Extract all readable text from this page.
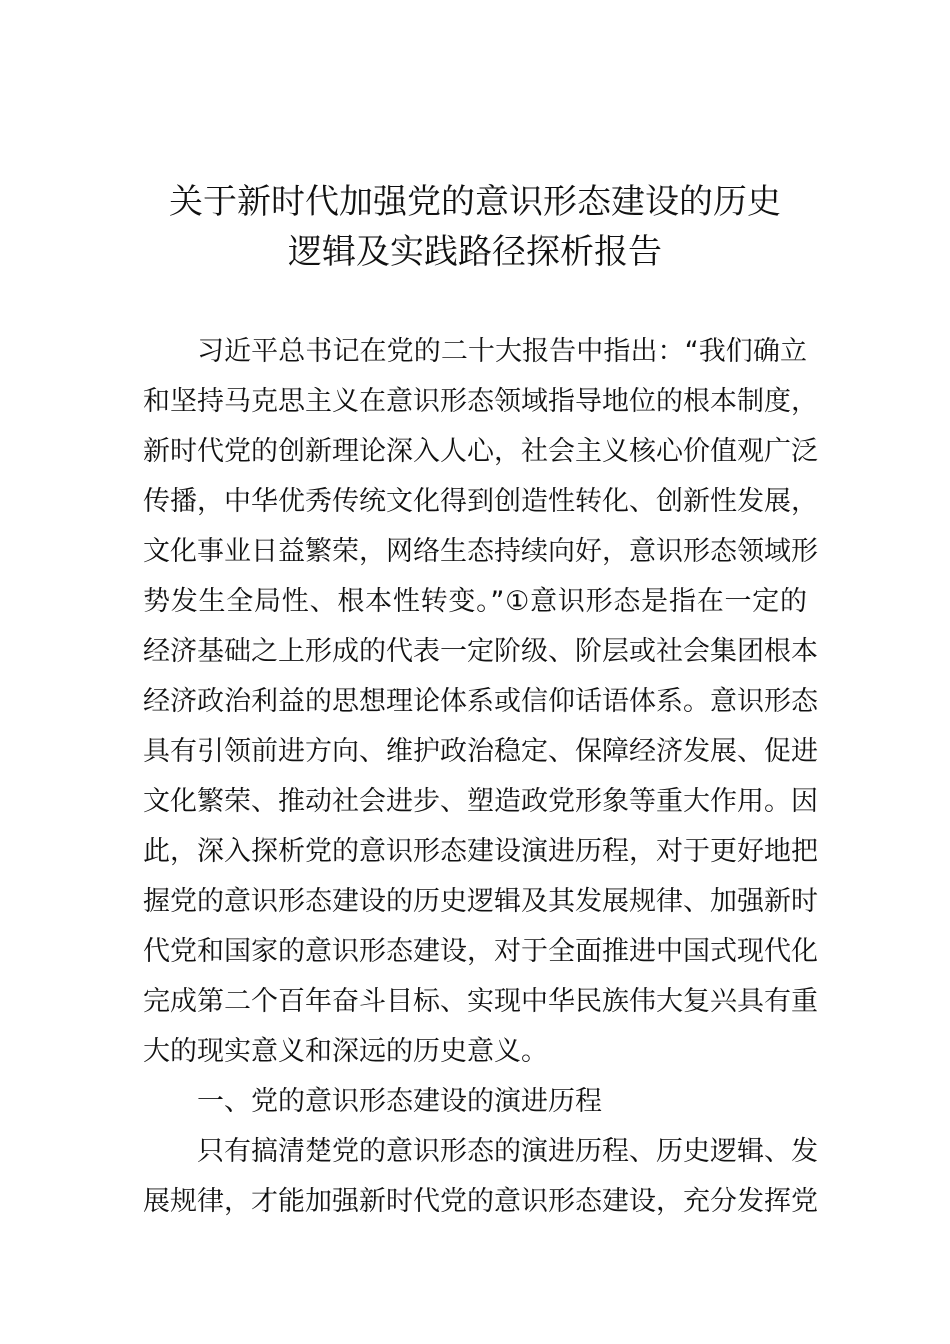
关于新时代加强党的意识形态建设的历史
逻辑及实践路径探析报告
习近平总书记在党的二十大报告中指出：“我们确立
和坚持马克思主义在意识形态领域指导地位的根本制度，
新时代党的创新理论深入人心，社会主义核心价值观广泛
传播，中华优秀传统文化得到创造性转化、创新性发展，
文化事业日益繁荣，网络生态持续向好，意识形态领域形
势发生全局性、根本性转变。”①意识形态是指在一定的
经济基础之上形成的代表一定阶级、阶层或社会集团根本
经济政治利益的思想理论体系或信仰话语体系。意识形态
具有引领前进方向、维护政治稳定、保障经济发展、促进
文化繁荣、推动社会进步、塑造政党形象等重大作用。因
此，深入探析党的意识形态建设演进历程，对于更好地把
握党的意识形态建设的历史逻辑及其发展规律、加强新时
代党和国家的意识形态建设，对于全面推进中国式现代化
完成第二个百年奋斗目标、实现中华民族伟大复兴具有重
大的现实意义和深远的历史意义。
一、党的意识形态建设的演进历程
只有搞清楚党的意识形态的演进历程、历史逻辑、发
展规律，才能加强新时代党的意识形态建设，充分发挥党
